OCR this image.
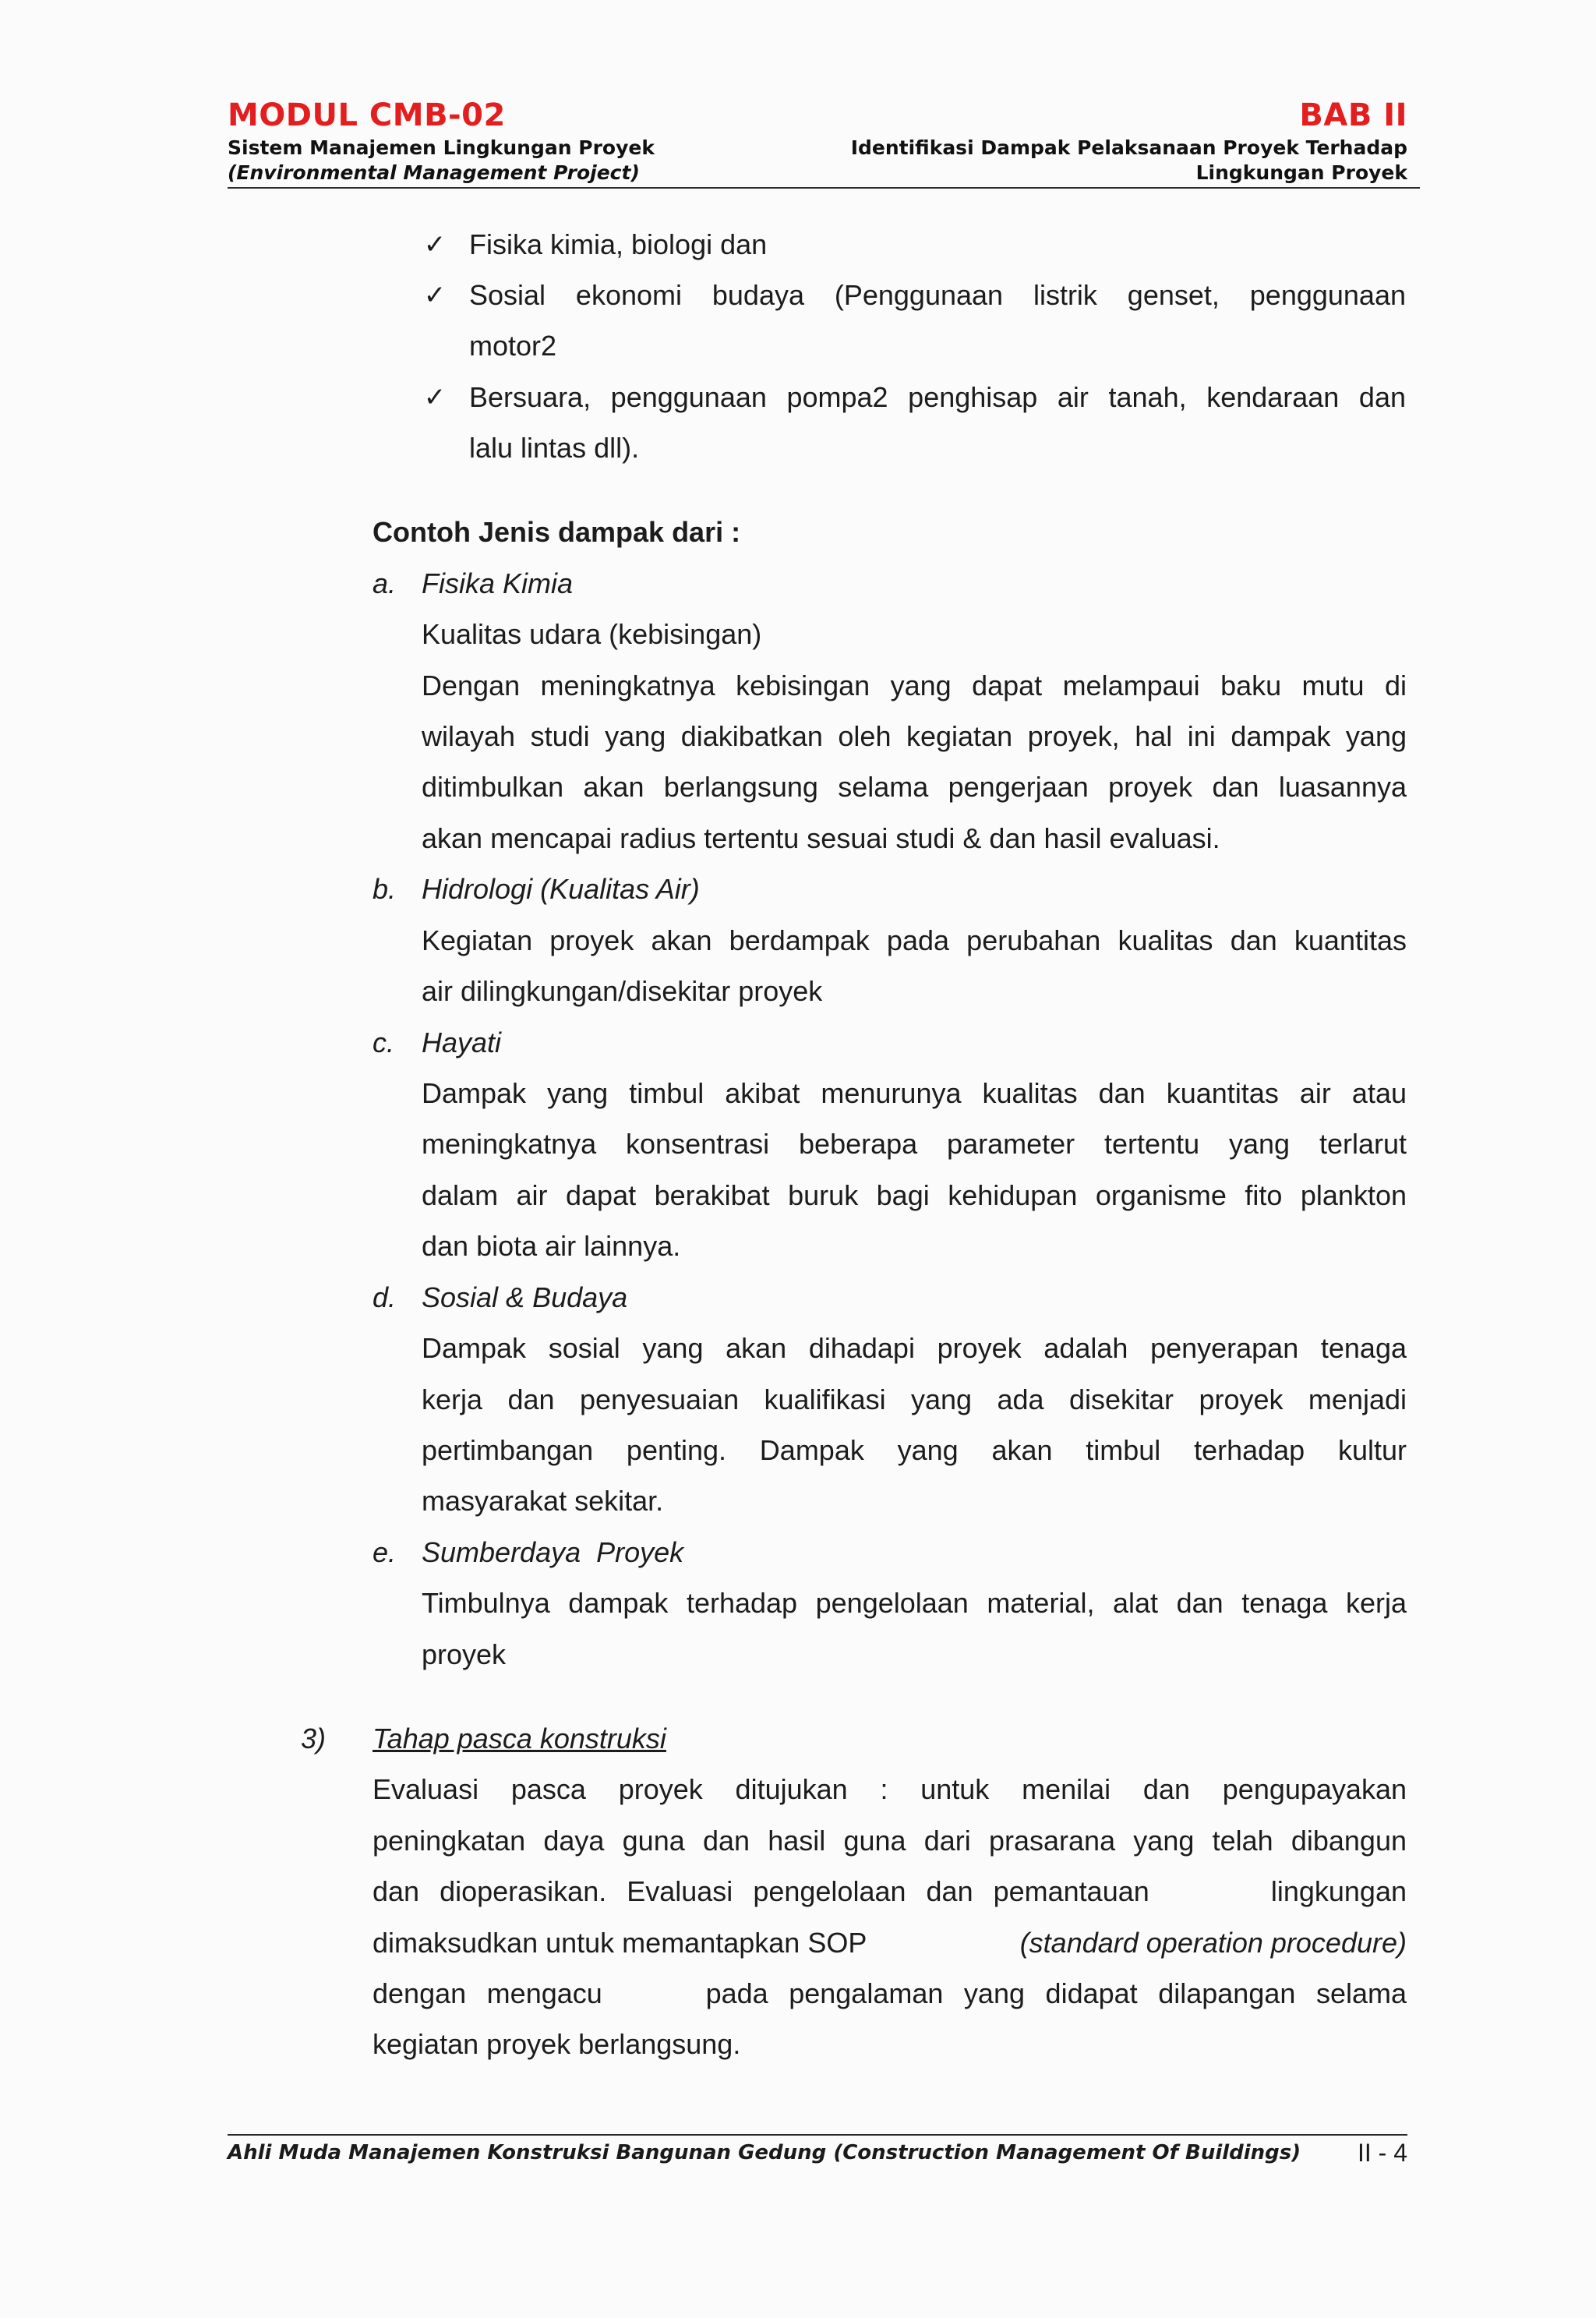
MODUL CMB-02	BAB II
Sistem Manajemen Lingkungan Proyek
(Environmental Management Project)
Identifikasi Dampak Pelaksanaan Proyek Terhadap
Lingkungan Proyek
✓ Fisika kimia, biologi dan
✓ Sosial ekonomi budaya (Penggunaan listrik genset, penggunaan
motor2
✓ Bersuara, penggunaan pompa2 penghisap air tanah, kendaraan dan
lalu lintas dll).
Contoh Jenis dampak dari :
a. Fisika Kimia
Kualitas udara (kebisingan)
Dengan meningkatnya kebisingan yang dapat melampaui baku mutu di
wilayah studi yang diakibatkan oleh kegiatan proyek, hal ini dampak yang
ditimbulkan akan berlangsung selama pengerjaan proyek dan luasannya
akan mencapai radius tertentu sesuai studi & dan hasil evaluasi.
b. Hidrologi (Kualitas Air)
Kegiatan proyek akan berdampak pada perubahan kualitas dan kuantitas
air dilingkungan/disekitar proyek
c. Hayati
Dampak yang timbul akibat menurunya kualitas dan kuantitas air atau
meningkatnya konsentrasi beberapa parameter tertentu yang terlarut
dalam air dapat berakibat buruk bagi kehidupan organisme fito plankton
dan biota air lainnya.
d. Sosial & Budaya
Dampak sosial yang akan dihadapi proyek adalah penyerapan tenaga
kerja dan penyesuaian kualifikasi yang ada disekitar proyek menjadi
pertimbangan penting. Dampak yang akan timbul terhadap kultur
masyarakat sekitar.
e. Sumberdaya  Proyek
Timbulnya dampak terhadap pengelolaan material, alat dan tenaga kerja
proyek
3) Tahap pasca konstruksi
Evaluasi pasca proyek ditujukan : untuk menilai dan pengupayakan
peningkatan daya guna dan hasil guna dari prasarana yang telah dibangun
dan dioperasikan. Evaluasi pengelolaan dan pemantauan      lingkungan
dimaksudkan untuk memantapkan SOP	(standard operation procedure)
dengan mengacu     pada pengalaman yang didapat dilapangan selama
kegiatan proyek berlangsung.
Ahli Muda Manajemen Konstruksi Bangunan Gedung (Construction Management Of Buildings) II - 4
